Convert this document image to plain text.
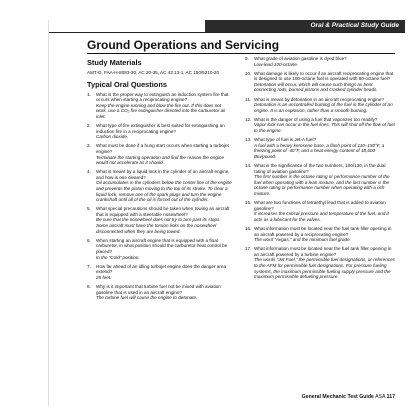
Oral & Practical Study Guide
Ground Operations and Servicing
Study Materials
AMT-G, FAA-H-8083-30, AC 20-35, AC 43.13-1, AC 150/5210-20
Typical Oral Questions
1.	What is the proper way to extinguish an induction system fire that occurs when starting a reciprocating engine?
Keep the engine running and blow the fire out. If this does not work, use a CO₂ fire extinguisher directed into the carburetor air inlet.
2.	What type of fire extinguisher is best suited for extinguishing an induction fire in a reciprocating engine?
Carbon dioxide.
3.	What must be done if a hung start occurs when starting a turbojet engine?
Terminate the starting operation and find the reason the engine would not accelerate as it should.
4.	What is meant by a liquid lock in the cylinder of an aircraft engine, and how is one cleared?
Oil accumulates in the cylinders below the center line of the engine and prevents the piston moving to the top of its stroke. To clear a liquid lock, remove one of the spark plugs and turn the engine crankshaft until all of the oil is forced out of the cylinder.
5.	What special precautions should be taken when towing an aircraft that is equipped with a steerable nosewheel?
Be sure that the nosewheel does not try to turn past its stops. Some aircraft must have the torsion links on the nosewheel disconnected when they are being towed.
6.	When starting an aircraft engine that is equipped with a float carburetor, in what position should the carburetor heat control be placed?
In the “Cold” position.
7.	How far ahead of an idling turbojet engine does the danger area extend?
25 feet.
8.	Why is it important that turbine fuel not be mixed with aviation gasoline that is used in an aircraft engine?
The turbine fuel will cause the engine to detonate.
9.	What grade of aviation gasoline is dyed blue?
Low-lead 100-octane.
10. What damage is likely to occur if an aircraft reciprocating engine that is designed to use 100-octane fuel is operated with 80-octane fuel?
Detonation will occur, which will cause such things as bent connecting rods, burned pistons and cracked cylinder heads.
11. What is meant by detonation in an aircraft reciprocating engine?
Detonation is an uncontrolled burning of the fuel in the cylinder of an engine. It is an explosion, rather than a smooth burning.
12. What is the danger of using a fuel that vaporizes too readily?
Vapor lock can occur in the fuel lines. This will shut off the flow of fuel to the engine.
13. What type of fuel is Jet-A fuel?
A fuel with a heavy kerosene base, a flash point of 110–150°F, a freezing point of -40°F, and a heat energy content of 18,600 Btu/pound.
14. What is the significance of the two numbers, 100/130, in the dual rating of aviation gasoline?
The first number is the octane rating or performance number of the fuel when operating with a lean mixture, and the last number is the octane rating or performance number when operating with a rich mixture.
15. What are two functions of tetraethyl lead that is added to aviation gasoline?
It increases the critical pressure and temperature of the fuel, and it acts as a lubricant for the valves.
16. What information must be located near the fuel tank filler opening in an aircraft powered by a reciprocating engine?
The word “Avgas,” and the minimum fuel grade.
17. What information must be located near the fuel tank filler opening in an aircraft powered by a turbine engine?
The words “Jet Fuel,” the permissible fuel designations, or references to the AFM for permissible fuel designations. For pressure fueling systems, the maximum permissible fueling supply pressure and the maximum permissible defueling pressure.
General Mechanic Test Guide ASA 117
